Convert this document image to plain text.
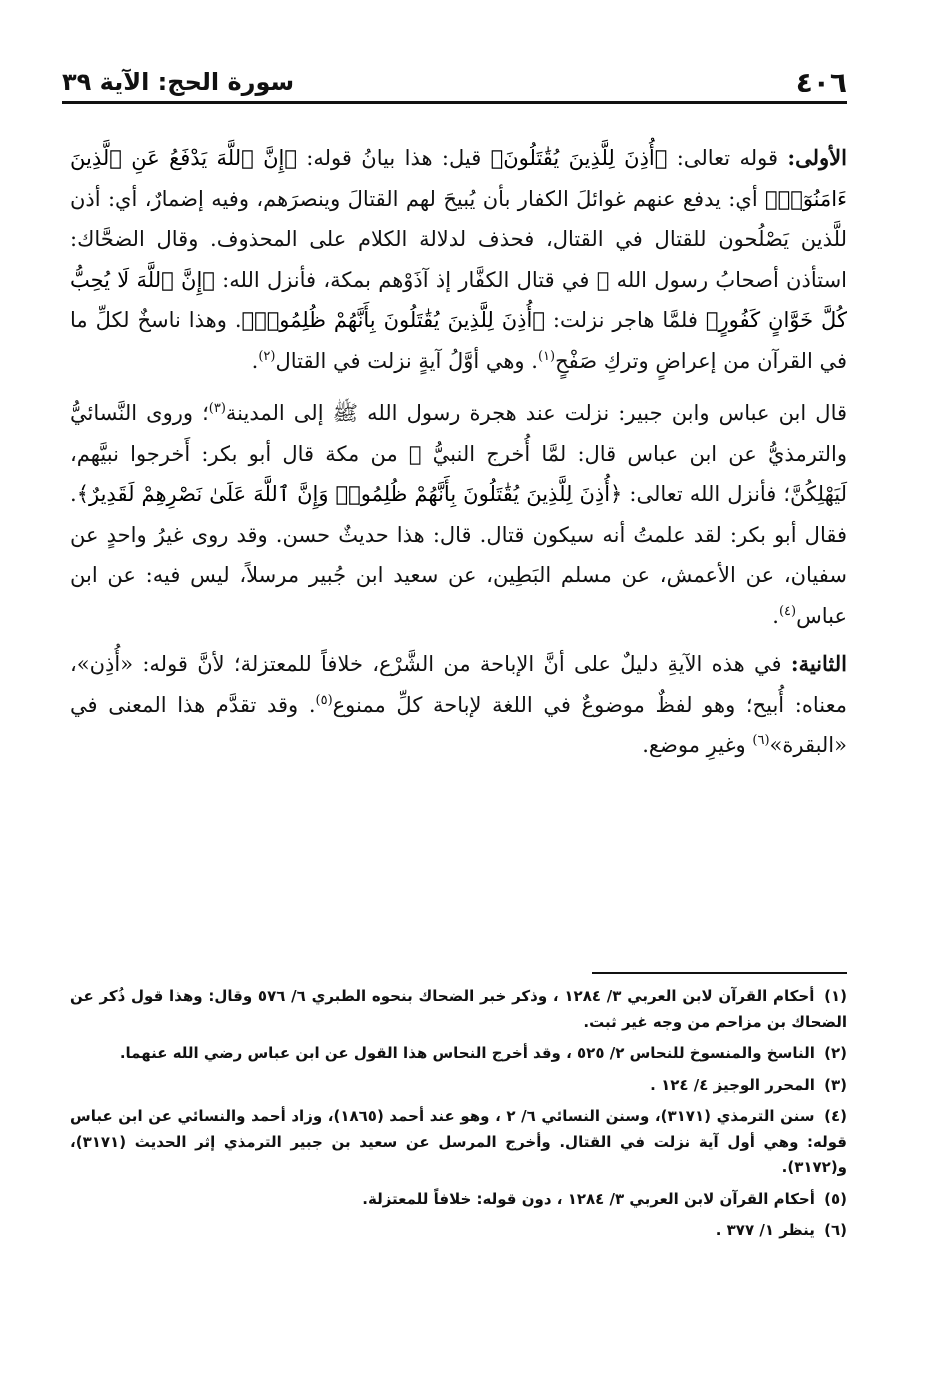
٤٠٦
سورة الحج: الآية ٣٩

الأولى: قوله تعالى: ﴿أُذِنَ لِلَّذِينَ يُقَٰتَلُونَ﴾ قيل: هذا بيانُ قوله: ﴿إِنَّ ٱللَّهَ يَدْفَعُ عَنِ ٱلَّذِينَ ءَامَنُوٓا۟﴾ أي: يدفع عنهم غوائلَ الكفار بأن يُبيحَ لهم القتالَ وينصرَهم، وفيه إضمارٌ، أي: أذن للَّذين يَصْلُحون للقتال في القتال، فحذف لدلالة الكلام على المحذوف. وقال الضحَّاك: استأذن أصحابُ رسول الله ﷺ في قتال الكفَّار إذ آذَوْهم بمكة، فأنزل الله: ﴿إِنَّ ٱللَّهَ لَا يُحِبُّ كُلَّ خَوَّانٍ كَفُورٍ﴾ فلمَّا هاجر نزلت: ﴿أُذِنَ لِلَّذِينَ يُقَٰتَلُونَ بِأَنَّهُمْ ظُلِمُوا۟﴾. وهذا ناسخٌ لكلِّ ما في القرآن من إعراضٍ وتركِ صَفْحٍ$^{(١)}$. وهي أوَّلُ آيةٍ نزلت في القتال$^{(٢)}$.

قال ابن عباس وابن جبير: نزلت عند هجرة رسول الله ﷺ إلى المدينة$^{(٣)}$؛ وروى النَّسائيُّ والترمذيُّ عن ابن عباس قال: لمَّا أُخرج النبيُّ ﷺ من مكة قال أبو بكر: أَخرجوا نبيَّهم، لَيَهْلِكُنَّ؛ فأنزل الله تعالى: ﴿أُذِنَ لِلَّذِينَ يُقَٰتَلُونَ بِأَنَّهُمْ ظُلِمُوا۟ وَإِنَّ ٱللَّهَ عَلَىٰ نَصْرِهِمْ لَقَدِيرٌ﴾. فقال أبو بكر: لقد علمتُ أنه سيكون قتال. قال: هذا حديثٌ حسن. وقد روى غيرُ واحدٍ عن سفيان، عن الأعمش، عن مسلم البَطِين، عن سعيد ابن جُبير مرسلاً، ليس فيه: عن ابن عباس$^{(٤)}$.

الثانية: في هذه الآيةِ دليلٌ على أنَّ الإباحة من الشَّرْع، خلافاً للمعتزلة؛ لأنَّ قوله: «أُذِن»، معناه: أُبيح؛ وهو لفظٌ موضوعٌ في اللغة لإباحة كلِّ ممنوع$^{(٥)}$. وقد تقدَّم هذا المعنى في «البقرة»$^{(٦)}$ وغيرِ موضع.

(١) أحكام القرآن لابن العربي ٣/ ١٢٨٤ ، وذكر خبر الضحاك بنحوه الطبري ٦/ ٥٧٦ وقال: وهذا قول ذُكر عن الضحاك بن مزاحم من وجه غير ثبت.

(٢) الناسخ والمنسوخ للنحاس ٢/ ٥٢٥ ، وقد أخرج النحاس هذا القول عن ابن عباس رضي الله عنهما.

(٣) المحرر الوجيز ٤/ ١٢٤ .

(٤) سنن الترمذي (٣١٧١)، وسنن النسائي ٦/ ٢ ، وهو عند أحمد (١٨٦٥)، وزاد أحمد والنسائي عن ابن عباس قوله: وهي أول آية نزلت في القتال. وأخرج المرسل عن سعيد بن جبير الترمذي إثر الحديث (٣١٧١)، و(٣١٧٢).

(٥) أحكام القرآن لابن العربي ٣/ ١٢٨٤ ، دون قوله: خلافاً للمعتزلة.

(٦) ينظر ١/ ٣٧٧ .
